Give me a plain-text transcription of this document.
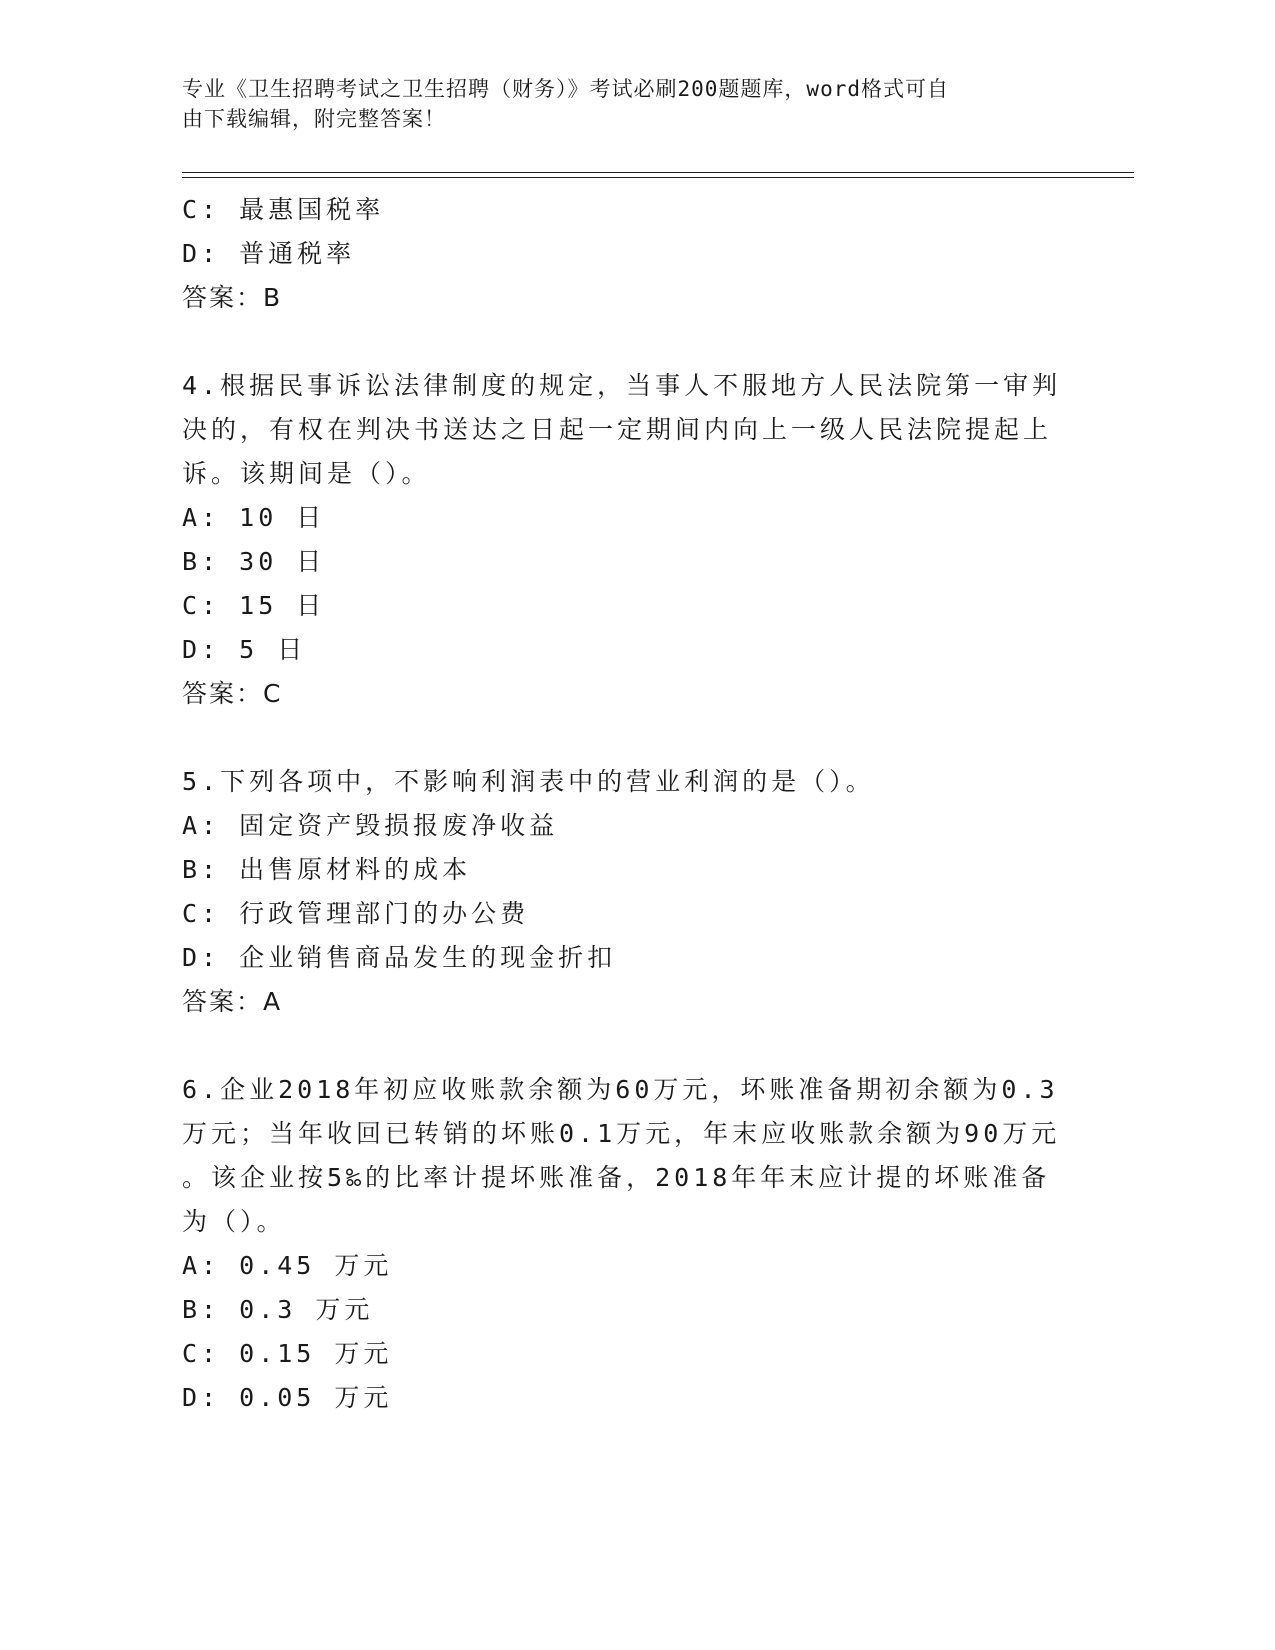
专业《卫生招聘考试之卫生招聘（财务）》考试必刷200题题库，word格式可自
由下载编辑，附完整答案！
C: 最惠国税率
D: 普通税率
答案：B
4.根据民事诉讼法律制度的规定，当事人不服地方人民法院第一审判
决的，有权在判决书送达之日起一定期间内向上一级人民法院提起上
诉。该期间是（）。
A: 10 日
B: 30 日
C: 15 日
D: 5 日
答案：C
5.下列各项中，不影响利润表中的营业利润的是（）。
A: 固定资产毁损报废净收益
B: 出售原材料的成本
C: 行政管理部门的办公费
D: 企业销售商品发生的现金折扣
答案：A
6.企业2018年初应收账款余额为60万元，坏账准备期初余额为0.3
万元；当年收回已转销的坏账0.1万元，年末应收账款余额为90万元
。该企业按5‰的比率计提坏账准备，2018年年末应计提的坏账准备
为（）。
A: 0.45 万元
B: 0.3 万元
C: 0.15 万元
D: 0.05 万元
